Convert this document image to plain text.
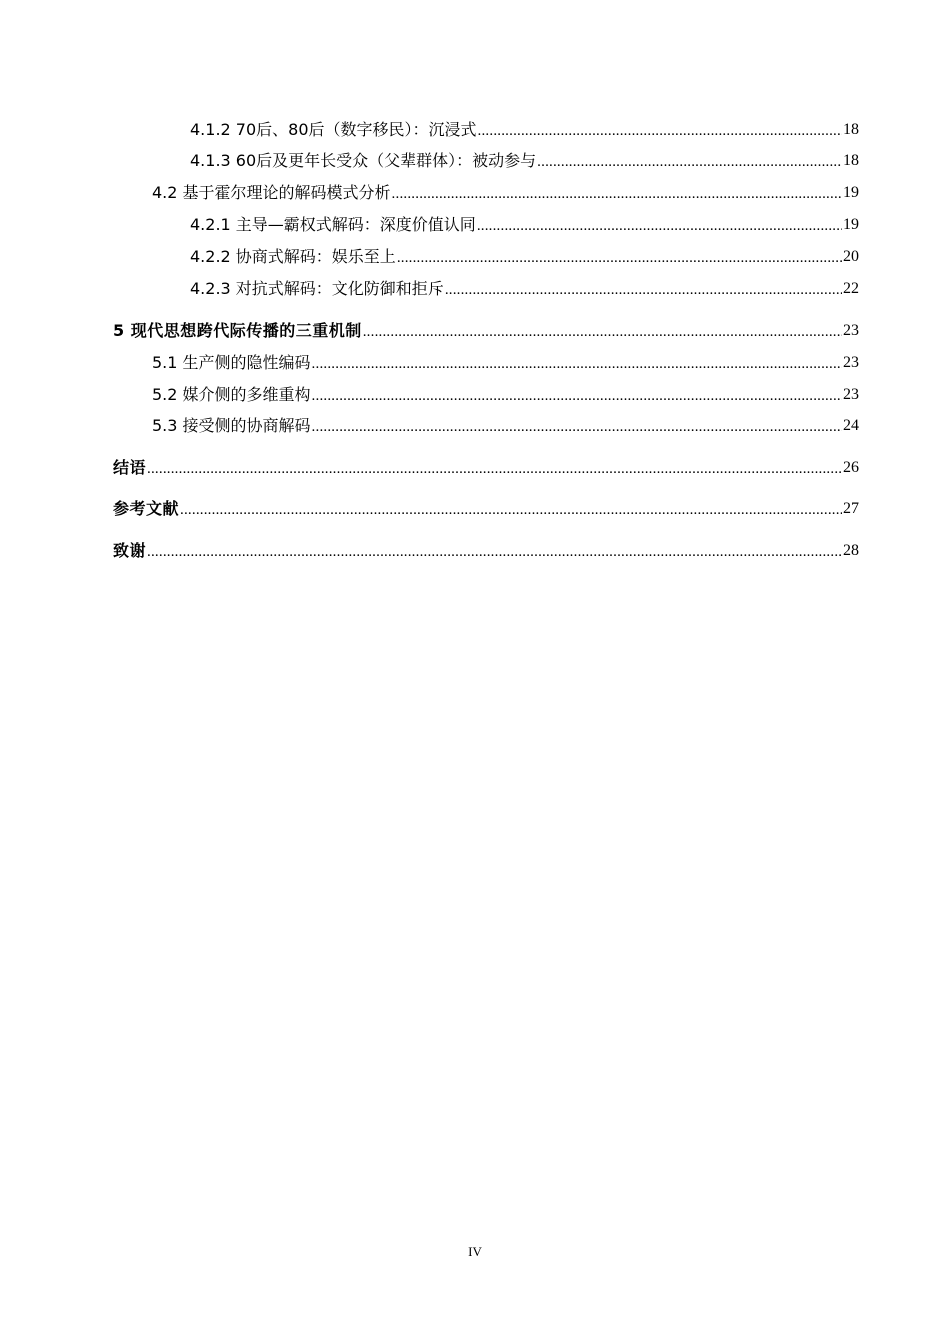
4.1.2 70后、80后（数字移民）：沉浸式 .....	18
4.1.3 60后及更年长受众（父辈群体）：被动参与 .....	18
4.2 基于霍尔理论的解码模式分析 .....	19
4.2.1 主导—霸权式解码：深度价值认同 .....	19
4.2.2 协商式解码：娱乐至上 .....	20
4.2.3 对抗式解码：文化防御和拒斥 .....	22
5 现代思想跨代际传播的三重机制 .....	23
5.1 生产侧的隐性编码 .....	23
5.2 媒介侧的多维重构 .....	23
5.3 接受侧的协商解码 .....	24
结语 .....	26
参考文献 .....	27
致谢 .....	28
IV
